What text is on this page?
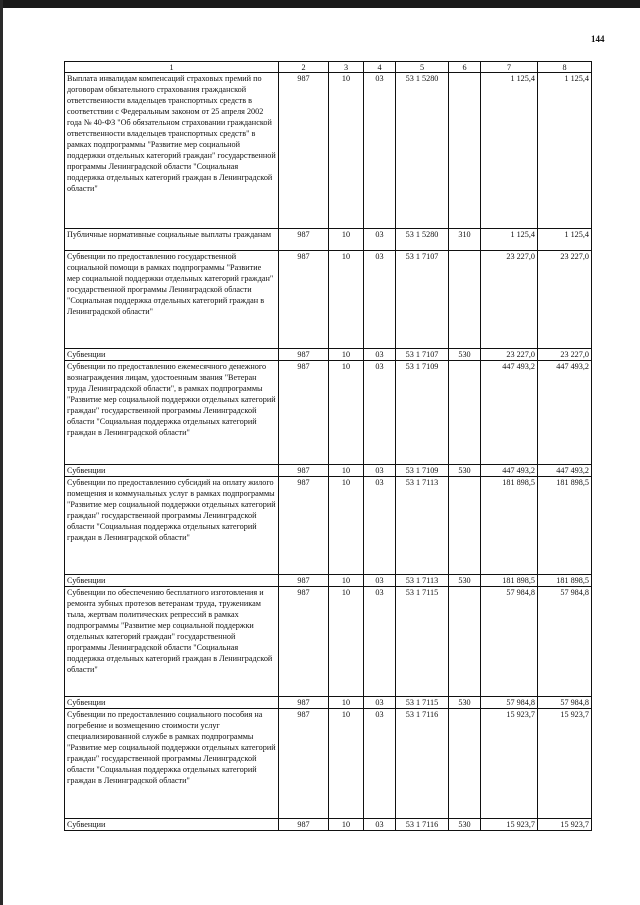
144
1	2	3	4	5	6	7	8
Выплата инвалидам компенсаций страховых премий по договорам обязательного страхования гражданской ответственности владельцев транспортных средств в соответствии с Федеральным законом от 25 апреля 2002 года № 40-ФЗ "Об обязательном страховании гражданской ответственности владельцев транспортных средств" в рамках подпрограммы "Развитие мер социальной поддержки отдельных категорий граждан" государственной программы Ленинградской области "Социальная поддержка отдельных категорий граждан в Ленинградской области"	987	10	03	53 1 5280		1 125,4	1 125,4
Публичные нормативные социальные выплаты гражданам	987	10	03	53 1 5280	310	1 125,4	1 125,4
Субвенции по предоставлению государственной социальной помощи в рамках подпрограммы "Развитие мер социальной поддержки отдельных категорий граждан" государственной программы Ленинградской области "Социальная поддержка отдельных категорий граждан в Ленинградской области"	987	10	03	53 1 7107		23 227,0	23 227,0
Субвенции	987	10	03	53 1 7107	530	23 227,0	23 227,0
Субвенции по предоставлению ежемесячного денежного вознаграждения лицам, удостоенным звания "Ветеран труда Ленинградской области", в рамках подпрограммы "Развитие мер социальной поддержки отдельных категорий граждан" государственной программы Ленинградской области "Социальная поддержка отдельных категорий граждан в Ленинградской области"	987	10	03	53 1 7109		447 493,2	447 493,2
Субвенции	987	10	03	53 1 7109	530	447 493,2	447 493,2
Субвенции по предоставлению субсидий на оплату жилого помещения и коммунальных услуг в рамках подпрограммы "Развитие мер социальной поддержки отдельных категорий граждан" государственной программы Ленинградской области "Социальная поддержка отдельных категорий граждан в Ленинградской области"	987	10	03	53 1 7113		181 898,5	181 898,5
Субвенции	987	10	03	53 1 7113	530	181 898,5	181 898,5
Субвенции по обеспечению бесплатного изготовления и ремонта зубных протезов ветеранам труда, труженикам тыла, жертвам политических репрессий в рамках подпрограммы "Развитие мер социальной поддержки отдельных категорий граждан" государственной программы Ленинградской области "Социальная поддержка отдельных категорий граждан в Ленинградской области"	987	10	03	53 1 7115		57 984,8	57 984,8
Субвенции	987	10	03	53 1 7115	530	57 984,8	57 984,8
Субвенции по предоставлению социального пособия на погребение и возмещению стоимости услуг специализированной службе в рамках подпрограммы "Развитие мер социальной поддержки отдельных категорий граждан" государственной программы Ленинградской области "Социальная поддержка отдельных категорий граждан в Ленинградской области"	987	10	03	53 1 7116		15 923,7	15 923,7
Субвенции	987	10	03	53 1 7116	530	15 923,7	15 923,7
